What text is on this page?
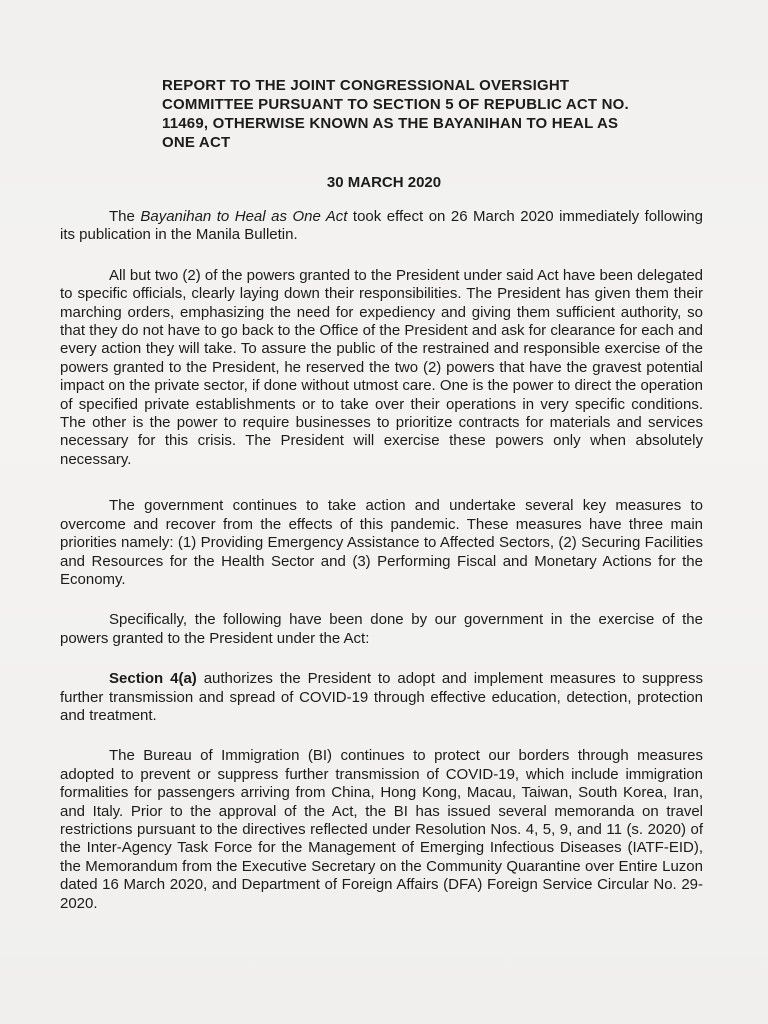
REPORT TO THE JOINT CONGRESSIONAL OVERSIGHT COMMITTEE PURSUANT TO SECTION 5 OF REPUBLIC ACT NO. 11469, OTHERWISE KNOWN AS THE BAYANIHAN TO HEAL AS ONE ACT

30 MARCH 2020

The Bayanihan to Heal as One Act took effect on 26 March 2020 immediately following its publication in the Manila Bulletin.

All but two (2) of the powers granted to the President under said Act have been delegated to specific officials, clearly laying down their responsibilities. The President has given them their marching orders, emphasizing the need for expediency and giving them sufficient authority, so that they do not have to go back to the Office of the President and ask for clearance for each and every action they will take. To assure the public of the restrained and responsible exercise of the powers granted to the President, he reserved the two (2) powers that have the gravest potential impact on the private sector, if done without utmost care. One is the power to direct the operation of specified private establishments or to take over their operations in very specific conditions. The other is the power to require businesses to prioritize contracts for materials and services necessary for this crisis. The President will exercise these powers only when absolutely necessary.

The government continues to take action and undertake several key measures to overcome and recover from the effects of this pandemic. These measures have three main priorities namely: (1) Providing Emergency Assistance to Affected Sectors, (2) Securing Facilities and Resources for the Health Sector and (3) Performing Fiscal and Monetary Actions for the Economy.

Specifically, the following have been done by our government in the exercise of the powers granted to the President under the Act:

Section 4(a) authorizes the President to adopt and implement measures to suppress further transmission and spread of COVID-19 through effective education, detection, protection and treatment.

The Bureau of Immigration (BI) continues to protect our borders through measures adopted to prevent or suppress further transmission of COVID-19, which include immigration formalities for passengers arriving from China, Hong Kong, Macau, Taiwan, South Korea, Iran, and Italy. Prior to the approval of the Act, the BI has issued several memoranda on travel restrictions pursuant to the directives reflected under Resolution Nos. 4, 5, 9, and 11 (s. 2020) of the Inter-Agency Task Force for the Management of Emerging Infectious Diseases (IATF-EID), the Memorandum from the Executive Secretary on the Community Quarantine over Entire Luzon dated 16 March 2020, and Department of Foreign Affairs (DFA) Foreign Service Circular No. 29-2020.
